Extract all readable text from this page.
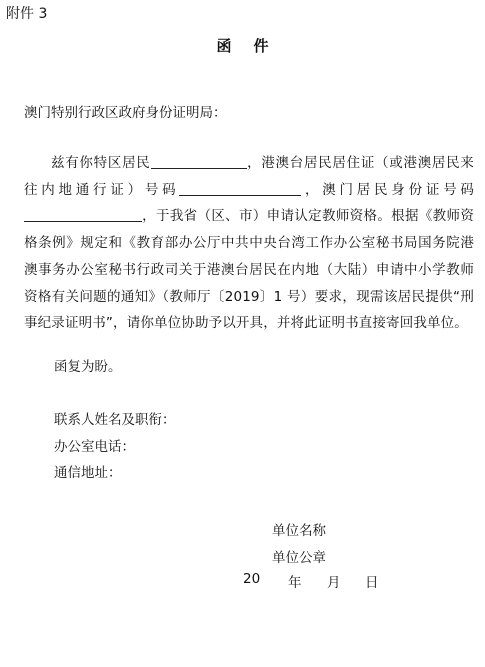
附件 3
函 件
澳门特别行政区政府身份证明局：
兹有你特区居民	，港澳台居民居住证（或港澳居民来往内地通行证）号码	，澳门居民身份证号码，于我省（区、市）申请认定教师资格。根据《教师资格条例》规定和《教育部办公厅中共中央台湾工作办公室秘书局国务院港澳事务办公室秘书行政司关于港澳台居民在内地（大陆）申请中小学教师资格有关问题的通知》（教师厅〔2019〕1 号）要求，现需该居民提供“刑事纪录证明书”，请你单位协助予以开具，并将此证明书直接寄回我单位。
函复为盼。
联系人姓名及职衔：
办公室电话：
通信地址：
单位名称
单位公章

20

年

月

日
